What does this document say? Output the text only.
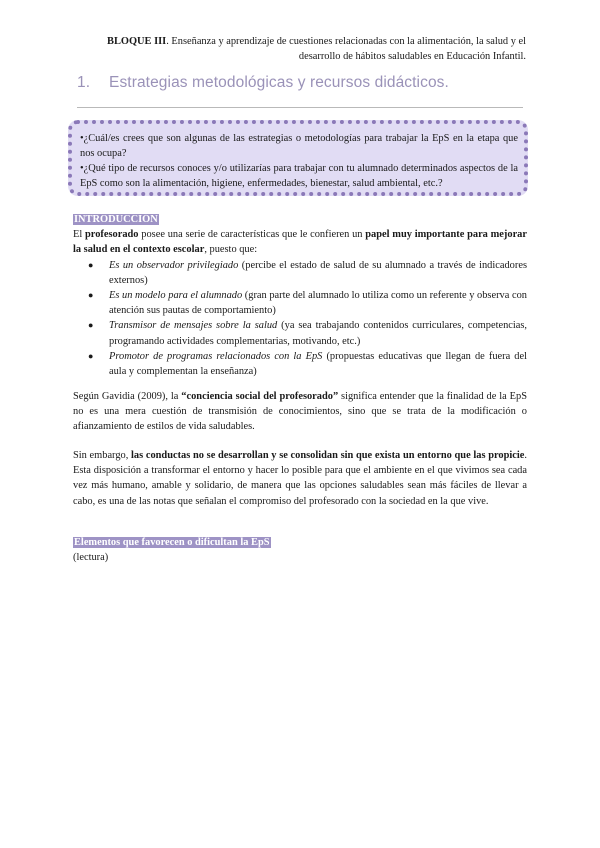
BLOQUE III. Enseñanza y aprendizaje de cuestiones relacionadas con la alimentación, la salud y el desarrollo de hábitos saludables en Educación Infantil.
1. Estrategias metodológicas y recursos didácticos.

•¿Cuál/es crees que son algunas de las estrategias o metodologías para trabajar la EpS en la etapa que nos ocupa?

•¿Qué tipo de recursos conoces y/o utilizarías para trabajar con tu alumnado determinados aspectos de la EpS como son la alimentación, higiene, enfermedades, bienestar, salud ambiental, etc.?

INTRODUCCIÓN

El profesorado posee una serie de características que le confieren un papel muy importante para mejorar la salud en el contexto escolar, puesto que:

● Es un observador privilegiado (percibe el estado de salud de su alumnado a través de indicadores externos)
● Es un modelo para el alumnado (gran parte del alumnado lo utiliza como un referente y observa con atención sus pautas de comportamiento)
● Transmisor de mensajes sobre la salud (ya sea trabajando contenidos curriculares, competencias, programando actividades complementarias, motivando, etc.)
● Promotor de programas relacionados con la EpS (propuestas educativas que llegan de fuera del aula y complementan la enseñanza)

Según Gavidia (2009), la “conciencia social del profesorado” significa entender que la finalidad de la EpS no es una mera cuestión de transmisión de conocimientos, sino que se trata de la modificación o afianzamiento de estilos de vida saludables.

Sin embargo, las conductas no se desarrollan y se consolidan sin que exista un entorno que las propicie. Esta disposición a transformar el entorno y hacer lo posible para que el ambiente en el que vivimos sea cada vez más humano, amable y solidario, de manera que las opciones saludables sean más fáciles de llevar a cabo, es una de las notas que señalan el compromiso del profesorado con la sociedad en la que vive.

Elementos que favorecen o dificultan la EpS

(lectura)
